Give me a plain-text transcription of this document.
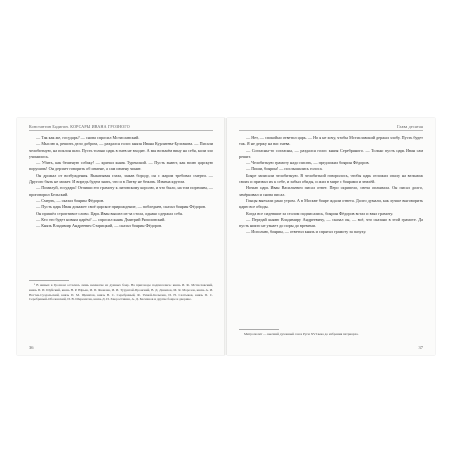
Константин Бадигин. КОРСАРЫ ИВАНА ГРОЗНОГО

— Так как же, государь? — снова спросил Мстиславский.

— Мыслю я, решить дело добром, — раздался голос князя Ивана Курлятева-Булгакова. — Писали челобитную, на поклон шли. Пусть только царь в гнев не входит. А мы возьмём вину на себя, коли зло учинилось.

— Убить, как бешеную собаку! — кричал князь Туренский. — Пусть знают, как волю царскую порушать! Он дерзает говорить об измене, а сам измену чинит.

Он дрожал от возбуждения. Выкатывая глаза, зажав бороду, он с жаром требовал смерти. — Другого быть не может. И впредь будем знать, что и в Литву не бежать. Измена кругом.

— Помилуй, государь! Отпиши его грамоту к литовскому королю, и что было, на том порешим, — проговорил Бельский.

— Смерть, — сказал боярин Фёдоров.

— Пусть царь Иван докажет своё царское прирождение, — побледнев, сказал боярин Фёдоров.

Он пришёл строптивое слово. Царь Иван вышел из-за стола, однако сдержал себя.

— Кто это будет новым царём? — спросил князь Дмитрий Ряполовский.

— Князь Владимир Андреевич Старицкий, — сказал боярин Фёдоров.

¹ В живых в Грозном остались лишь немногие из думных бояр. На приговоре подписались: князь И. Ф. Мстиславский, князь П. И. Шуйский, князь Н. Р. Юрьев, И. П. Яковлев, И. И. Турунтай-Пронский, В. Д. Данилов, М. Я. Морозов, князь А. И. Ногтев-Суздальский, князь П. М. Щенятев, князь В. С. Серебряный, Ф. Умной-Колычев, И. Н. Салтыков, князь П. С. Серебряный-Оболенский, И. В. Шереметев, князь Д. И. Хворостинин, А. Д. Басманов и другие бояре и дворяне.

36
Глава десятая

— Нет, — спокойно ответил царь. — Но я не хочу, чтобы Мстиславский держал злобу. Пусть будет так. Я не держу на вас гнева.

— Согласны-то согласны, — раздался голос князя Серебряного. — Только пусть царь Иван сам решит.

— Челобитную грамоту надо писать, — предложил боярин Фёдоров.

— Пиши, боярин! — послышались голоса.

Бояре записали челобитную. В челобитной говорилось, чтобы царь отложил опалу на вельмож своих и призвал их к себе, и забыл обиды, и жил в мире с боярами и землёй.

Ночью царь Иван Васильевич писал ответ. Перо скрипело, свеча оплывала. Он писал долго, зачёркивал и снова писал.

Гонцы выехали рано утром. А в Москве бояре ждали ответа. Долго думали, как лучше выговорить царю все обиды.

Когда все сидевшие за столом подписались, боярин Фёдоров встал и взял грамоту.

— Передай князю Владимиру Андреевичу, — сказал он, — всё, что сказано в этой грамоте. Да пусть никто не узнает до поры до времени.

— Исполню, боярин, — ответил князь и спрятал грамоту за пазуху.

Митрополит — высший духовный сан в Руси XVI века до избрания патриарха.

37
